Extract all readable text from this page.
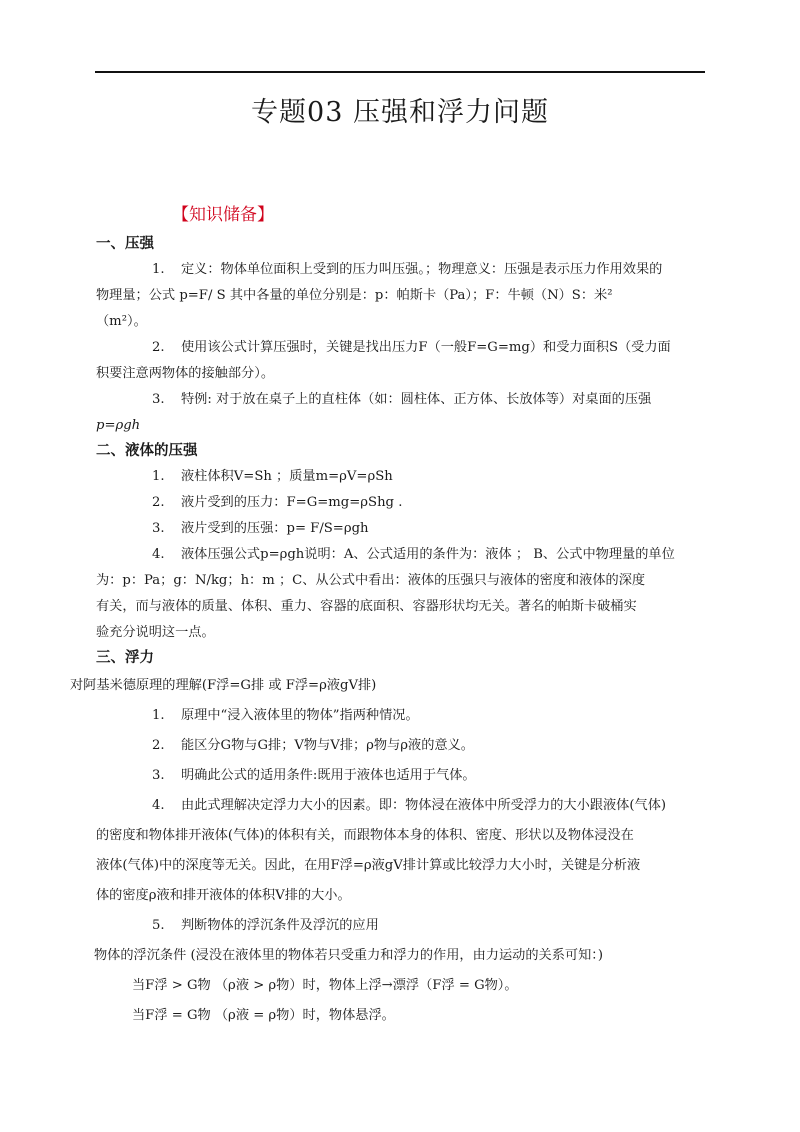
专题03 压强和浮力问题
【知识储备】

一、压强

1. 定义：物体单位面积上受到的压力叫压强。；物理意义：压强是表示压力作用效果的

物理量；公式 p=F/ S 其中各量的单位分别是：p：帕斯卡（Pa）；F：牛顿（N）S：米²

（m²）。

2. 使用该公式计算压强时，关键是找出压力F（一般F=G=mg）和受力面积S（受力面

积要注意两物体的接触部分）。

3. 特例: 对于放在桌子上的直柱体（如：圆柱体、正方体、长放体等）对桌面的压强

p=ρgh

二、液体的压强

1. 液柱体积V=Sh ；质量m=ρV=ρSh

2. 液片受到的压力：F=G=mg=ρShg .

3. 液片受到的压强：p= F/S=ρgh

4. 液体压强公式p=ρgh说明：A、公式适用的条件为：液体 ； B、公式中物理量的单位

为：p：Pa；g：N/kg；h：m ；C、从公式中看出：液体的压强只与液体的密度和液体的深度

有关，而与液体的质量、体积、重力、容器的底面积、容器形状均无关。著名的帕斯卡破桶实

验充分说明这一点。

三、浮力

对阿基米德原理的理解(F浮=G排 或 F浮=ρ液gV排)

1. 原理中“浸入液体里的物体”指两种情况。

2. 能区分G物与G排；V物与V排；ρ物与ρ液的意义。

3. 明确此公式的适用条件:既用于液体也适用于气体。

4. 由此式理解决定浮力大小的因素。即：物体浸在液体中所受浮力的大小跟液体(气体)

的密度和物体排开液体(气体)的体积有关，而跟物体本身的体积、密度、形状以及物体浸没在

液体(气体)中的深度等无关。因此，在用F浮=ρ液gV排计算或比较浮力大小时，关键是分析液

体的密度ρ液和排开液体的体积V排的大小。

5. 判断物体的浮沉条件及浮沉的应用

物体的浮沉条件 (浸没在液体里的物体若只受重力和浮力的作用，由力运动的关系可知：)

当F浮 > G物 （ρ液 > ρ物）时，物体上浮→漂浮（F浮 = G物）。

当F浮 = G物 （ρ液 = ρ物）时，物体悬浮。
